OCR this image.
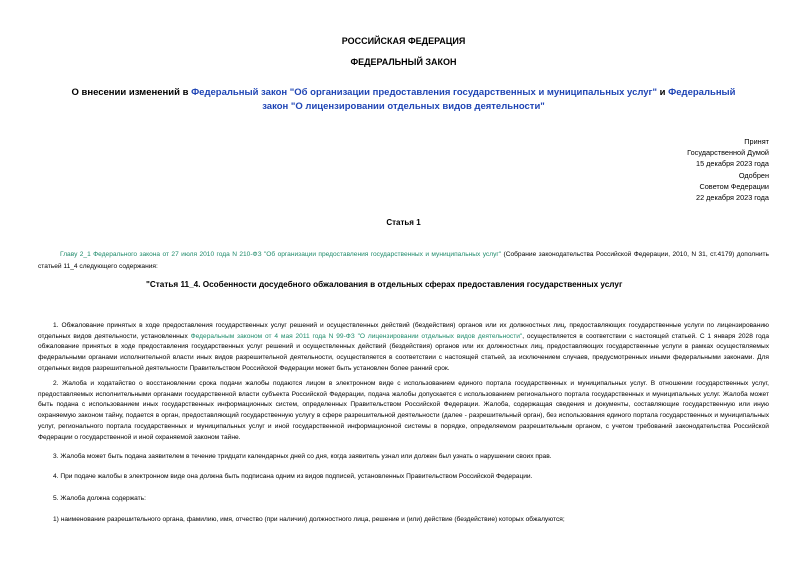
РОССИЙСКАЯ ФЕДЕРАЦИЯ
ФЕДЕРАЛЬНЫЙ ЗАКОН
О внесении изменений в Федеральный закон "Об организации предоставления государственных и муниципальных услуг" и Федеральный закон "О лицензировании отдельных видов деятельности"
Принят
Государственной Думой
15 декабря 2023 года
Одобрен
Советом Федерации
22 декабря 2023 года
Статья 1
Главу 2_1 Федерального закона от 27 июля 2010 года N 210-ФЗ "Об организации предоставления государственных и муниципальных услуг" (Собрание законодательства Российской Федерации, 2010, N 31, ст.4179) дополнить статьей 11_4 следующего содержания:
"Статья 11_4. Особенности досудебного обжалования в отдельных сферах предоставления государственных услуг
1. Обжалование принятых в ходе предоставления государственных услуг решений и осуществленных действий (бездействия) органов или их должностных лиц, предоставляющих государственные услуги по лицензированию отдельных видов деятельности, установленных Федеральным законом от 4 мая 2011 года N 99-ФЗ "О лицензировании отдельных видов деятельности", осуществляется в соответствии с настоящей статьей. С 1 января 2028 года обжалование принятых в ходе предоставления государственных услуг решений и осуществленных действий (бездействия) органов или их должностных лиц, предоставляющих государственные услуги в рамках осуществляемых федеральными органами исполнительной власти иных видов разрешительной деятельности, осуществляется в соответствии с настоящей статьей, за исключением случаев, предусмотренных иными федеральными законами. Для отдельных видов разрешительной деятельности Правительством Российской Федерации может быть установлен более ранний срок.
2. Жалоба и ходатайство о восстановлении срока подачи жалобы подаются лицом в электронном виде с использованием единого портала государственных и муниципальных услуг. В отношении государственных услуг, предоставляемых исполнительными органами государственной власти субъекта Российской Федерации, подача жалобы допускается с использованием регионального портала государственных и муниципальных услуг. Жалоба может быть подана с использованием иных государственных информационных систем, определенных Правительством Российской Федерации. Жалоба, содержащая сведения и документы, составляющие государственную или иную охраняемую законом тайну, подается в орган, предоставляющий государственную услугу в сфере разрешительной деятельности (далее - разрешительный орган), без использования единого портала государственных и муниципальных услуг, регионального портала государственных и муниципальных услуг и иной государственной информационной системы в порядке, определяемом разрешительным органом, с учетом требований законодательства Российской Федерации о государственной и иной охраняемой законом тайне.
3. Жалоба может быть подана заявителем в течение тридцати календарных дней со дня, когда заявитель узнал или должен был узнать о нарушении своих прав.
4. При подаче жалобы в электронном виде она должна быть подписана одним из видов подписей, установленных Правительством Российской Федерации.
5. Жалоба должна содержать:
1) наименование разрешительного органа, фамилию, имя, отчество (при наличии) должностного лица, решение и (или) действие (бездействие) которых обжалуются;
